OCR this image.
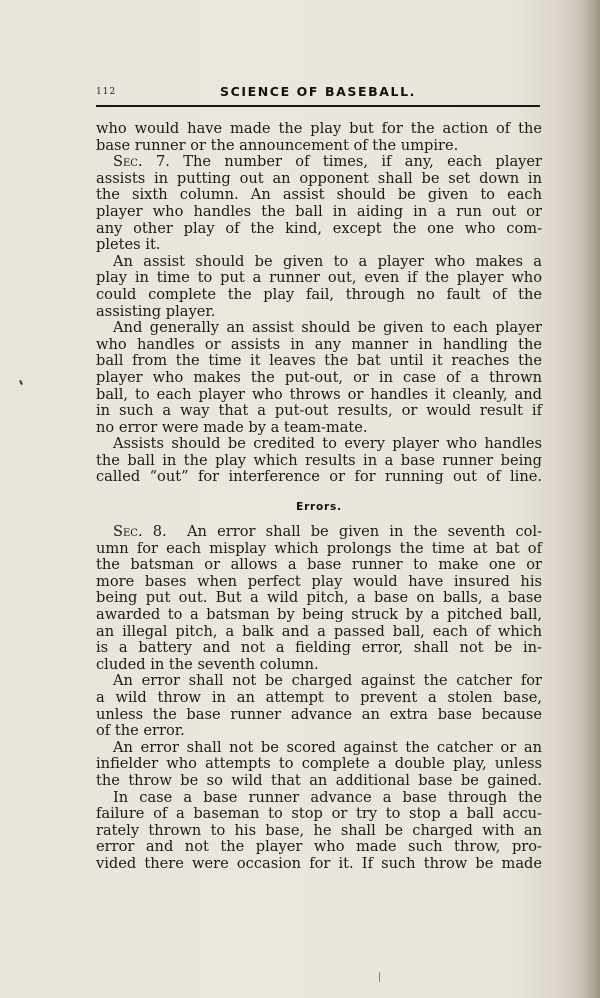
112	SCIENCE OF BASEBALL.
who would have made the play but for the action of the
base runner or the announcement of the umpire.
Sec. 7. The number of times, if any, each player
assists in putting out an opponent shall be set down in
the sixth column. An assist should be given to each
player who handles the ball in aiding in a run out or
any other play of the kind, except the one who com-
pletes it.
An assist should be given to a player who makes a
play in time to put a runner out, even if the player who
could complete the play fail, through no fault of the
assisting player.
And generally an assist should be given to each player
who handles or assists in any manner in handling the
ball from the time it leaves the bat until it reaches the
player who makes the put-out, or in case of a thrown
ball, to each player who throws or handles it cleanly, and
in such a way that a put-out results, or would result if
no error were made by a team-mate.
Assists should be credited to every player who handles
the ball in the play which results in a base runner being
called “out” for interference or for running out of line.
Errors.
Sec. 8. An error shall be given in the seventh col-
umn for each misplay which prolongs the time at bat of
the batsman or allows a base runner to make one or
more bases when perfect play would have insured his
being put out. But a wild pitch, a base on balls, a base
awarded to a batsman by being struck by a pitched ball,
an illegal pitch, a balk and a passed ball, each of which
is a battery and not a fielding error, shall not be in-
cluded in the seventh column.
An error shall not be charged against the catcher for
a wild throw in an attempt to prevent a stolen base,
unless the base runner advance an extra base because
of the error.
An error shall not be scored against the catcher or an
infielder who attempts to complete a double play, unless
the throw be so wild that an additional base be gained.
In case a base runner advance a base through the
failure of a baseman to stop or try to stop a ball accu-
rately thrown to his base, he shall be charged with an
error and not the player who made such throw, pro-
vided there were occasion for it. If such throw be made
